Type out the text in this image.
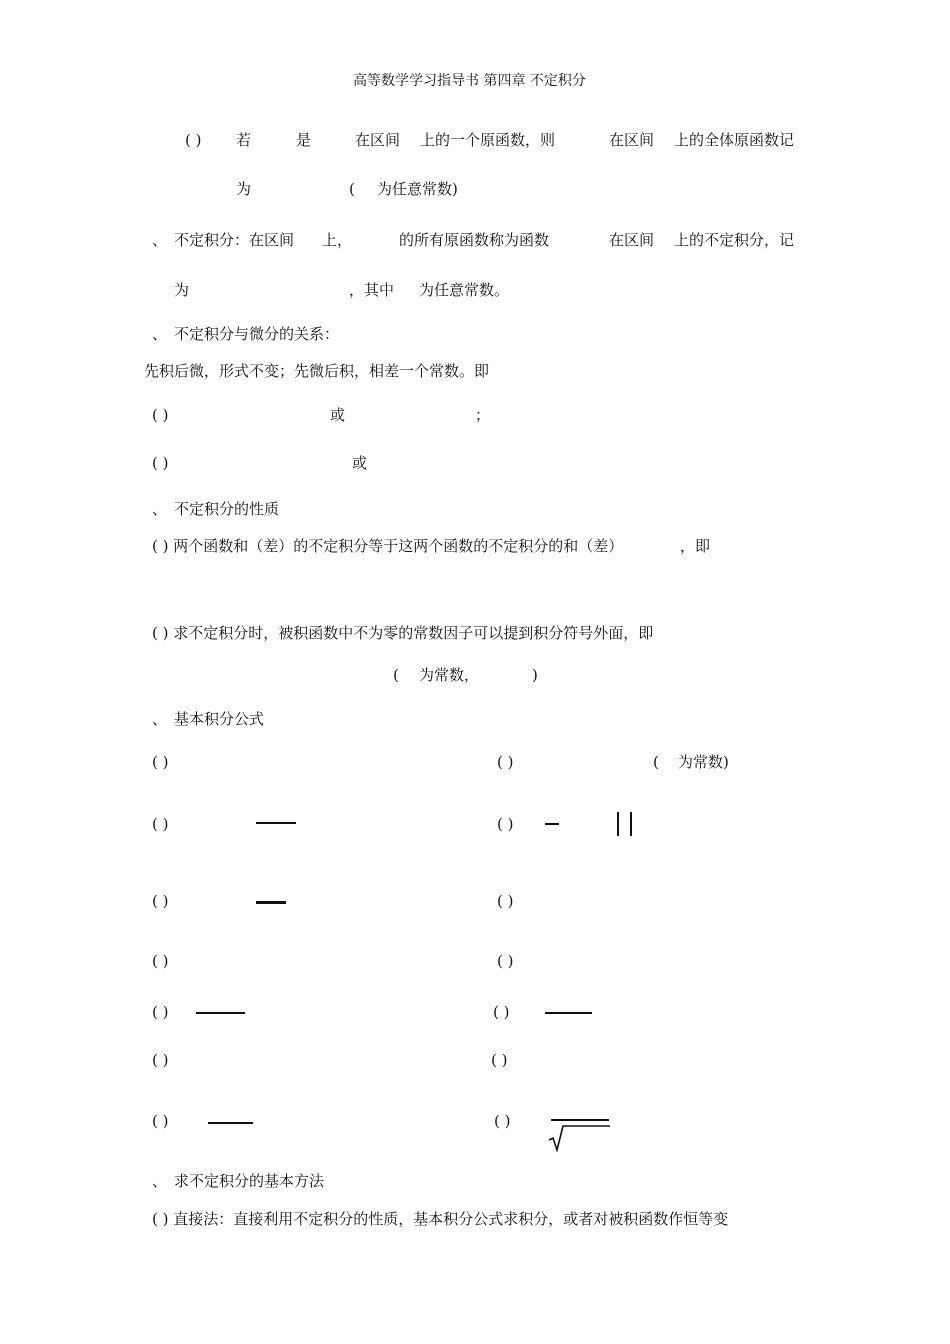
高等数学学习指导书 第四章 不定积分
( ) 若	是	在区间 上的一个原函数，则	在区间 上的全体原函数记
为	( 为任意常数)
、 不定积分：在区间 上，	的所有原函数称为函数	在区间 上的不定积分，记
为	，其中 为任意常数。
、 不定积分与微分的关系：
先积后微，形式不变；先微后积，相差一个常数。即
( )	或	；
( )	或
、 不定积分的性质
( ) 两个函数和（差）的不定积分等于这两个函数的不定积分的和（差）	，即
( ) 求不定积分时，被积函数中不为零的常数因子可以提到积分符号外面，即
( 为常数，	)
、 基本积分公式
( )	( )	( 为常数)
( )	( )
( )	( )
( )	( )
( )	( )
( )	( )
( )	( )
、 求不定积分的基本方法
( ) 直接法：直接利用不定积分的性质，基本积分公式求积分，或者对被积函数作恒等变
